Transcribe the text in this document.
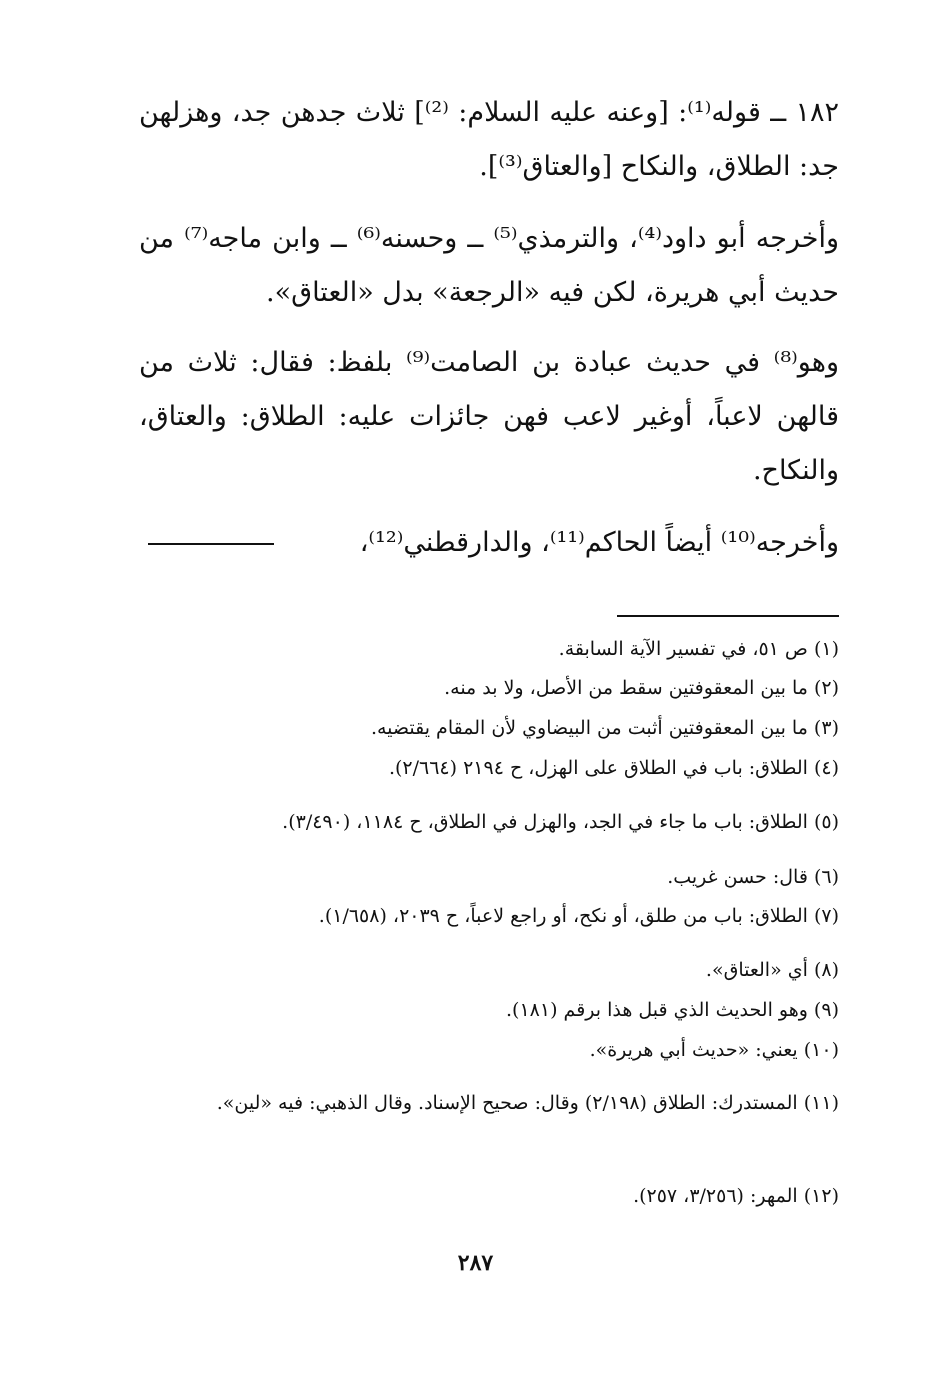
١٨٢ ــ قوله⁽¹⁾: [وعنه عليه السلام: ⁽²⁾] ثلاث جدهن جد، وهزلهن جد: الطلاق، والنكاح [والعتاق⁽³⁾].
وأخرجه أبو داود⁽⁴⁾، والترمذي⁽⁵⁾ ــ وحسنه⁽⁶⁾ ــ وابن ماجه⁽⁷⁾ من حديث أبي هريرة، لكن فيه «الرجعة» بدل «العتاق».
وهو⁽⁸⁾ في حديث عبادة بن الصامت⁽⁹⁾ بلفظ: فقال: ثلاث من قالهن لاعباً، أوغير لاعب فهن جائزات عليه: الطلاق: والعتاق، والنكاح.
وأخرجه⁽¹⁰⁾ أيضاً الحاكم⁽¹¹⁾، والدارقطني⁽¹²⁾،
(١) ص ٥١، في تفسير الآية السابقة.
(٢) ما بين المعقوفتين سقط من الأصل، ولا بد منه.
(٣) ما بين المعقوفتين أثبت من البيضاوي لأن المقام يقتضيه.
(٤) الطلاق: باب في الطلاق على الهزل، ح ٢١٩٤ (٢/٦٦٤).
(٥) الطلاق: باب ما جاء في الجد، والهزل في الطلاق، ح ١١٨٤، (٣/٤٩٠).
(٦) قال: حسن غريب.
(٧) الطلاق: باب من طلق، أو نكح، أو راجع لاعباً، ح ٢٠٣٩، (١/٦٥٨).
(٨) أي «العتاق».
(٩) وهو الحديث الذي قبل هذا برقم (١٨١).
(١٠) يعني: «حديث أبي هريرة».
(١١) المستدرك: الطلاق (٢/١٩٨) وقال: صحيح الإسناد. وقال الذهبي: فيه «لين».
(١٢) المهر: (٣/٢٥٦، ٢٥٧).
٢٨٧
